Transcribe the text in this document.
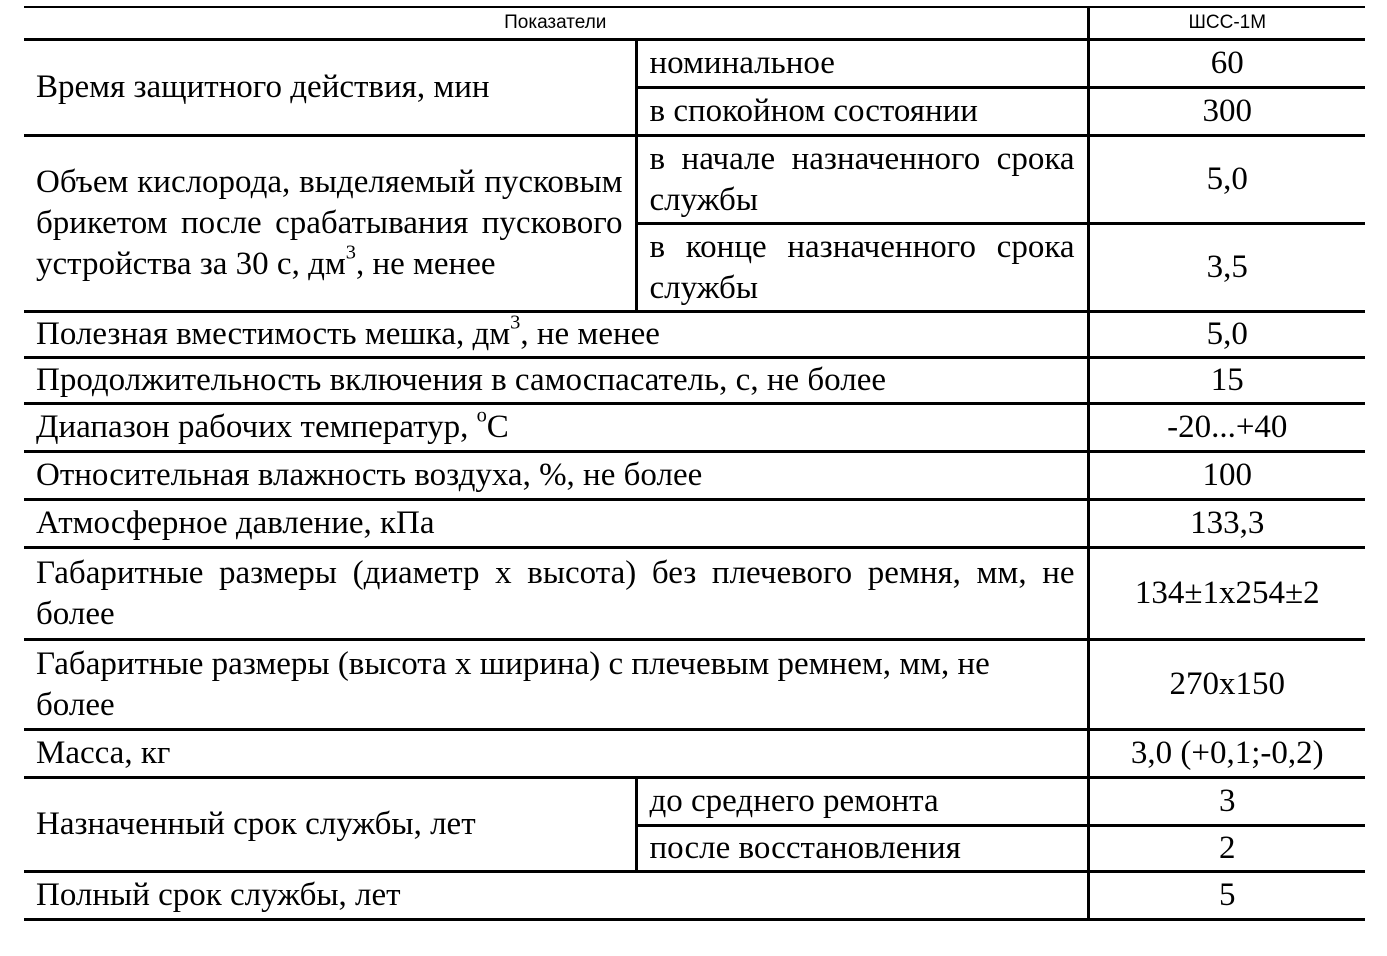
Показатели		ШСС-1М
Время защитного действия, мин	номинальное	60
	в спокойном состоянии	300
Объем кислорода, выделяемый пусковым брикетом после срабатывания пускового устройства за 30 с, $дм^3$, не менее	в начале назначенного срока службы	5,0
	в конце назначенного срока службы	3,5
Полезная вместимость мешка, $дм^3$, не менее		5,0
Продолжительность включения в самоспасатель, с, не более		15
Диапазон рабочих температур, $^о$С		-20...+40
Относительная влажность воздуха, %, не более		100
Атмосферное давление, кПа		133,3
Габаритные размеры (диаметр х высота) без плечевого ремня, мм, не более		134±1х254±2
Габаритные размеры (высота х ширина) с плечевым ремнем, мм, не более		270х150
Масса, кг		3,0 (+0,1;-0,2)
Назначенный срок службы, лет	до среднего ремонта	3
	после восстановления	2
Полный срок службы, лет		5
